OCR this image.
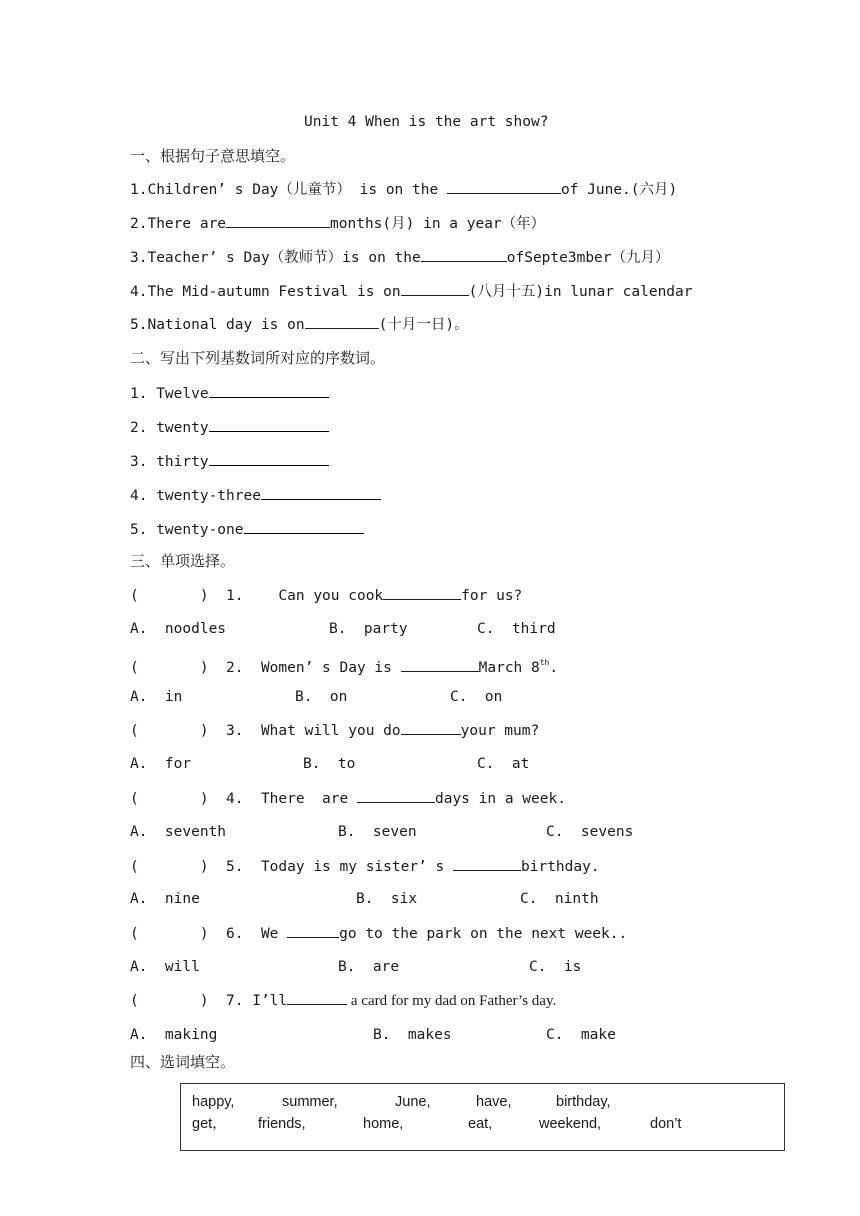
Unit 4 When is the art show?
一、根据句子意思填空。
1.Children’ s Day（儿童节） is on the	of June.(六月)
2.There are	months(月) in a year（年）
3.Teacher’ s Day（教师节）is on the	ofSepte3mber（九月）
4.The Mid-autumn Festival is on	(八月十五)in lunar calendar
5.National day is on	(十月一日)。
二、写出下列基数词所对应的序数词。
1. Twelve
2. twenty
3. thirty
4. twenty-three
5. twenty-one
三、单项选择。
(       )  1.    Can you cook	for us?
A.  noodles	B.  party	C.  third
(       )  2.  Women’ s Day is	March 8th.
A.  in	B.  on	C.  on
(       )  3.  What will you do	your mum?
A.  for	B.  to	C.  at
(       )  4.  There  are	days in a week.
A.  seventh	B.  seven	C.  sevens
(       )  5.  Today is my sister’ s	birthday.
A.  nine	B.  six	C.  ninth
(       )  6.  We	go to the park on the next week..
A.  will	B.  are	C.  is
(       )  7. I’ll	a card for my dad on Father’s day.
A.  making	B.  makes	C.  make
四、选词填空。
happy,	summer,	June,	have,	birthday,
get， friends,	home,	eat,	weekend,	don’t
